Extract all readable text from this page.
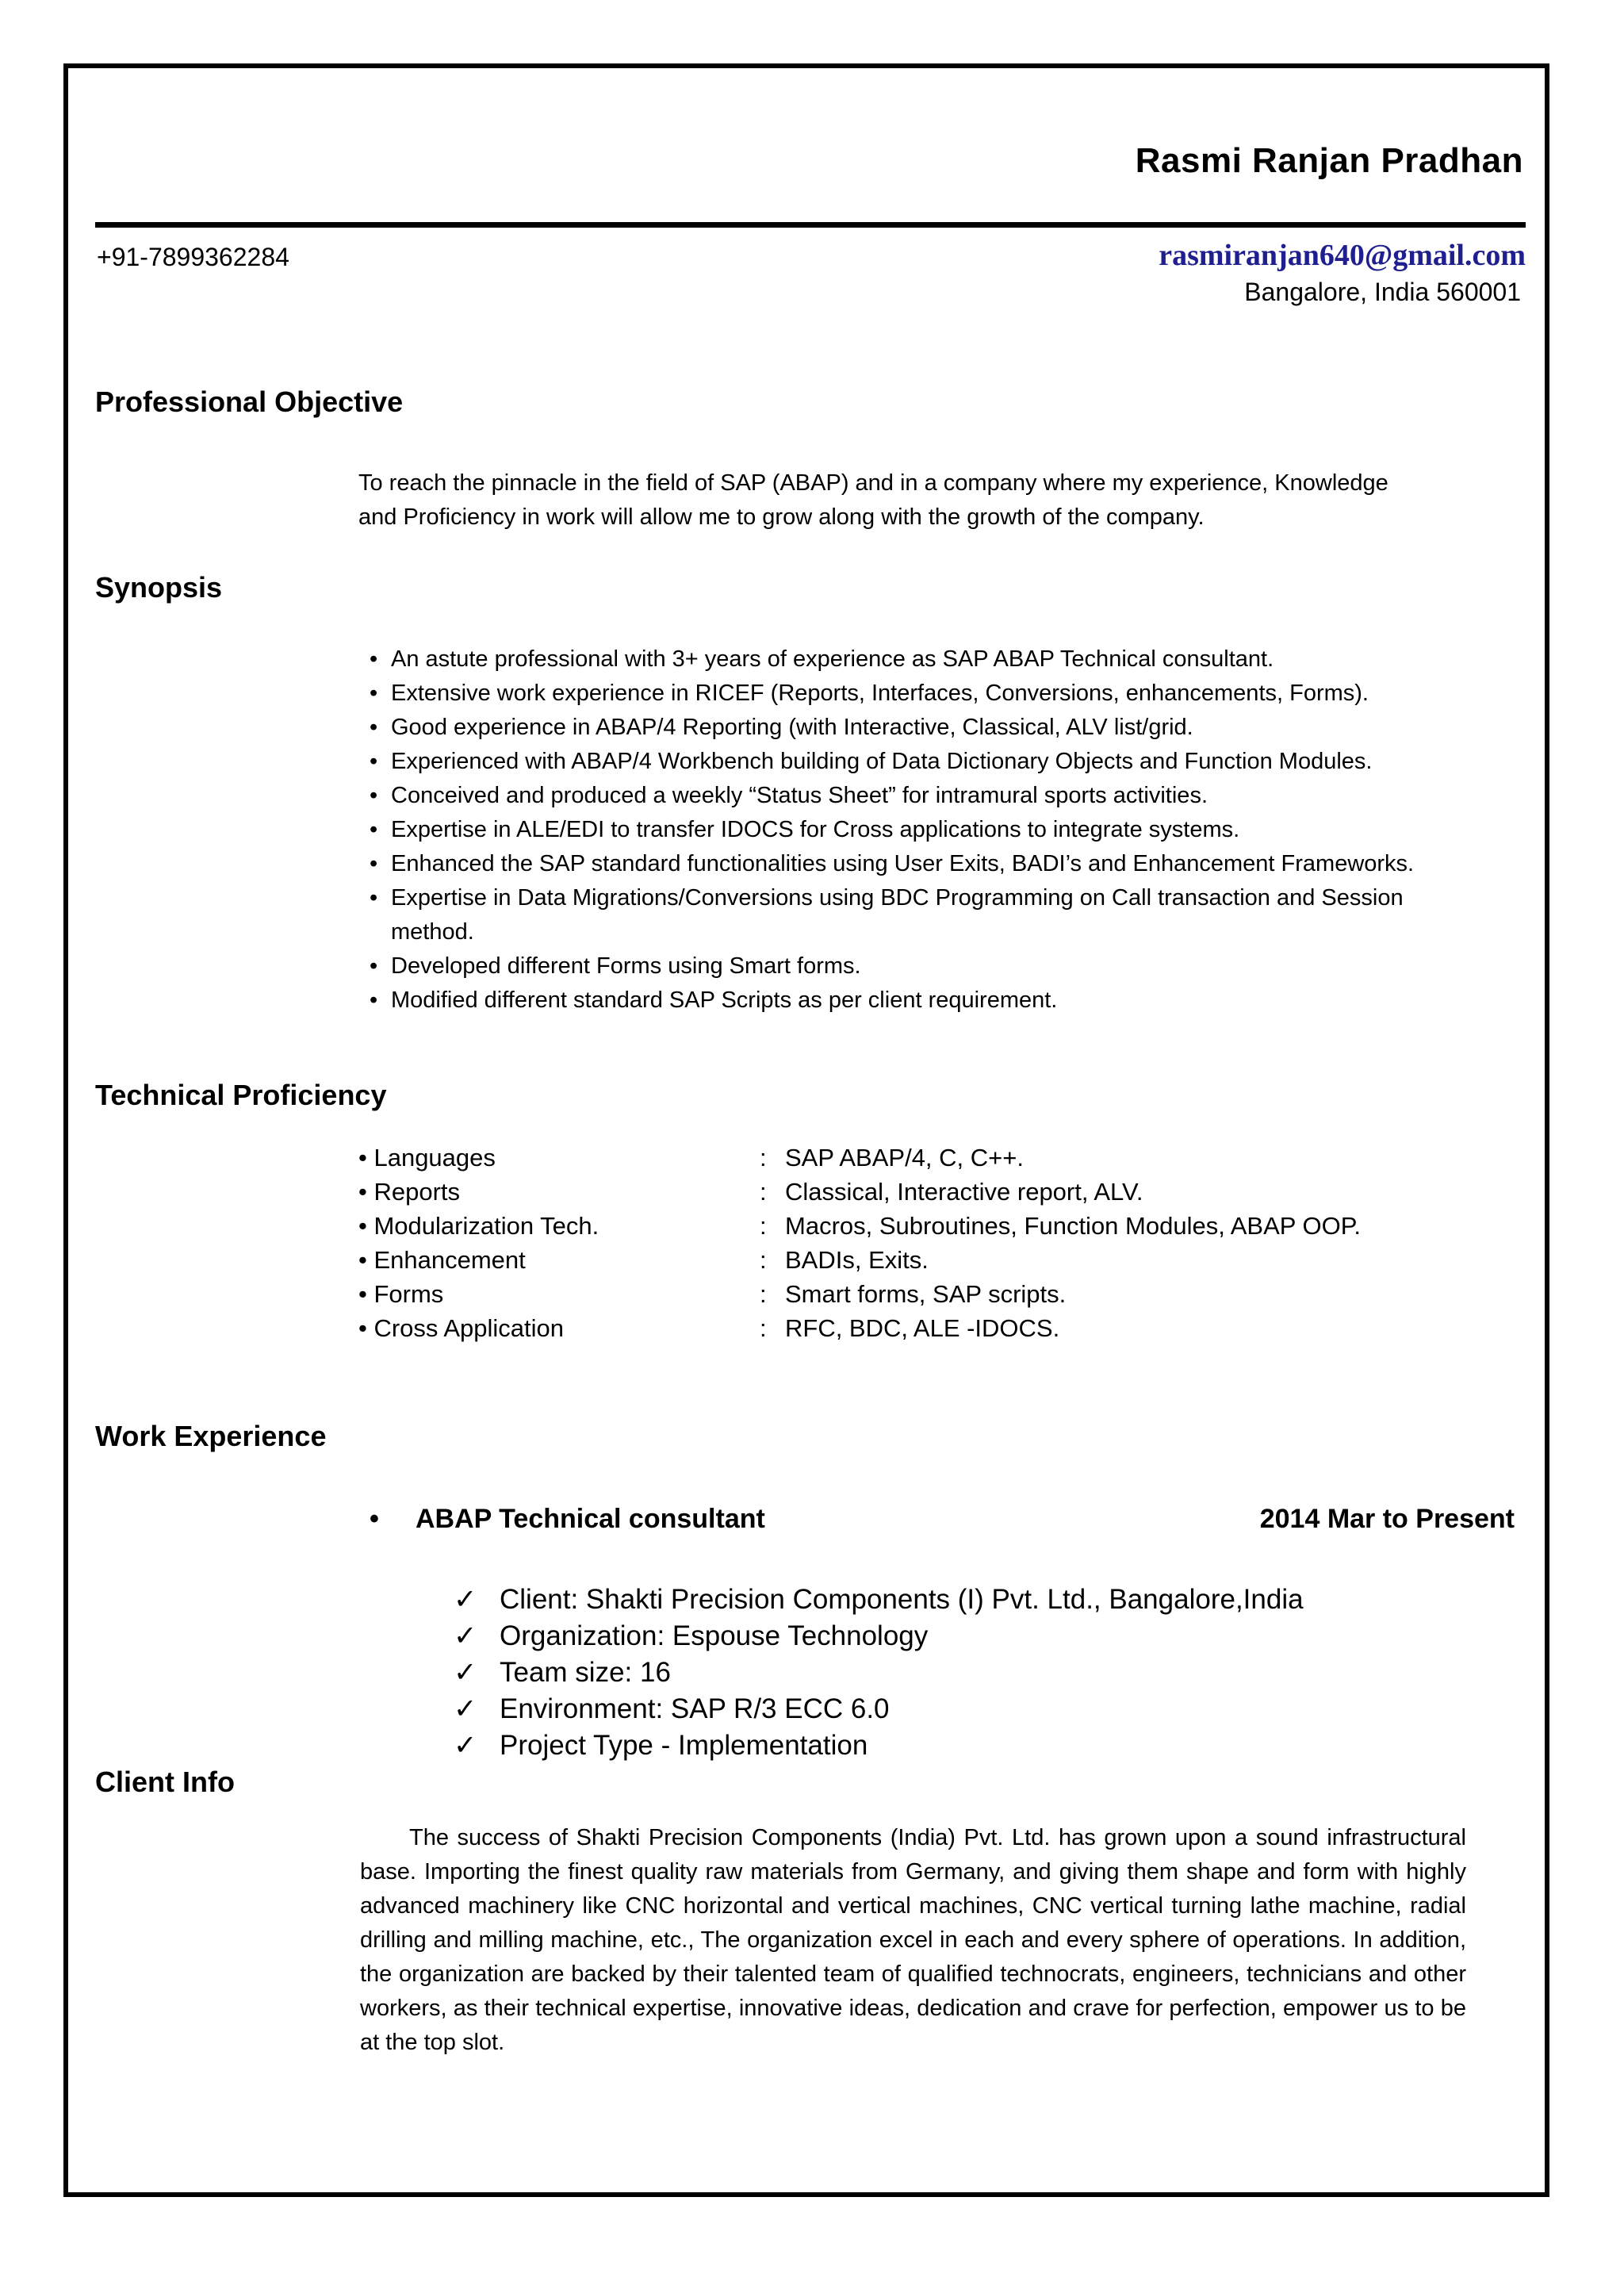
Rasmi Ranjan Pradhan
+91-7899362284	rasmiranjan640@gmail.com
Bangalore, India 560001
Professional Objective
To reach the pinnacle in the field of SAP (ABAP) and in a company where my experience, Knowledge
and Proficiency in work will allow me to grow along with the growth of the company.
Synopsis
• An astute professional with 3+ years of experience as SAP ABAP Technical consultant.
• Extensive work experience in RICEF (Reports, Interfaces, Conversions, enhancements, Forms).
• Good experience in ABAP/4 Reporting (with Interactive, Classical, ALV list/grid.
• Experienced with ABAP/4 Workbench building of Data Dictionary Objects and Function Modules.
• Conceived and produced a weekly “Status Sheet” for intramural sports activities.
• Expertise in ALE/EDI to transfer IDOCS for Cross applications to integrate systems.
• Enhanced the SAP standard functionalities using User Exits, BADI’s and Enhancement Frameworks.
• Expertise in Data Migrations/Conversions using BDC Programming on Call transaction and Session
method.
• Developed different Forms using Smart forms.
• Modified different standard SAP Scripts as per client requirement.
Technical Proficiency
• Languages	: SAP ABAP/4, C, C++.
• Reports	: Classical, Interactive report, ALV.
• Modularization Tech.	: Macros, Subroutines, Function Modules, ABAP OOP.
• Enhancement	: BADIs, Exits.
• Forms	: Smart forms, SAP scripts.
• Cross Application	: RFC, BDC, ALE -IDOCS.
Work Experience
• ABAP Technical consultant	2014 Mar to Present
✓ Client: Shakti Precision Components (I) Pvt. Ltd., Bangalore,India
✓ Organization: Espouse Technology
✓ Team size: 16
✓ Environment: SAP R/3 ECC 6.0
✓ Project Type - Implementation
Client Info
The success of Shakti Precision Components (India) Pvt. Ltd. has grown upon a sound infrastructural base. Importing the finest quality raw materials from Germany, and giving them shape and form with highly advanced machinery like CNC horizontal and vertical machines, CNC vertical turning lathe machine, radial drilling and milling machine, etc., The organization excel in each and every sphere of operations. In addition, the organization are backed by their talented team of qualified technocrats, engineers, technicians and other workers, as their technical expertise, innovative ideas, dedication and crave for perfection, empower us to be at the top slot.
